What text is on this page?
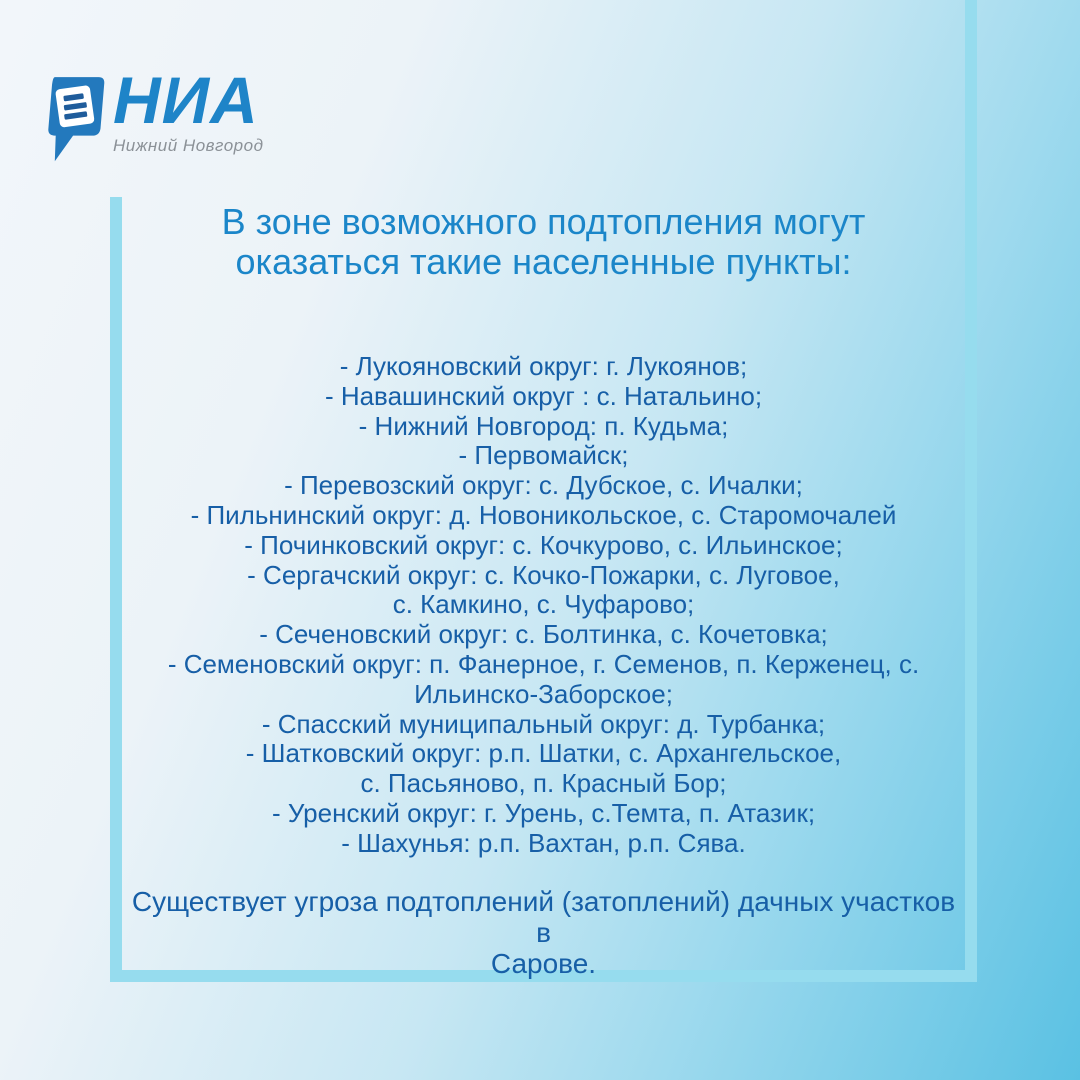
НИА
Нижний Новгород
В зоне возможного подтопления могут
оказаться такие населенные пункты:
- Лукояновский округ: г. Лукоянов;
- Навашинский округ : с. Натальино;
- Нижний Новгород: п. Кудьма;
- Первомайск;
- Перевозский округ: с. Дубское, с. Ичалки;
- Пильнинский округ: д. Новоникольское, с. Старомочалей
- Починковский округ: с. Кочкурово, с. Ильинское;
- Сергачский округ: с. Кочко-Пожарки, с. Луговое,
с. Камкино, с. Чуфарово;
- Сеченовский округ: с. Болтинка, с. Кочетовка;
- Семеновский округ: п. Фанерное, г. Семенов, п. Керженец, с.
Ильинско-Заборское;
- Спасский муниципальный округ: д. Турбанка;
- Шатковский округ: р.п. Шатки, с. Архангельское,
с. Пасьяново, п. Красный Бор;
- Уренский округ: г. Урень, с.Темта, п. Атазик;
- Шахунья: р.п. Вахтан, р.п. Сява.
Существует угроза подтоплений (затоплений) дачных участков в
Сарове.
